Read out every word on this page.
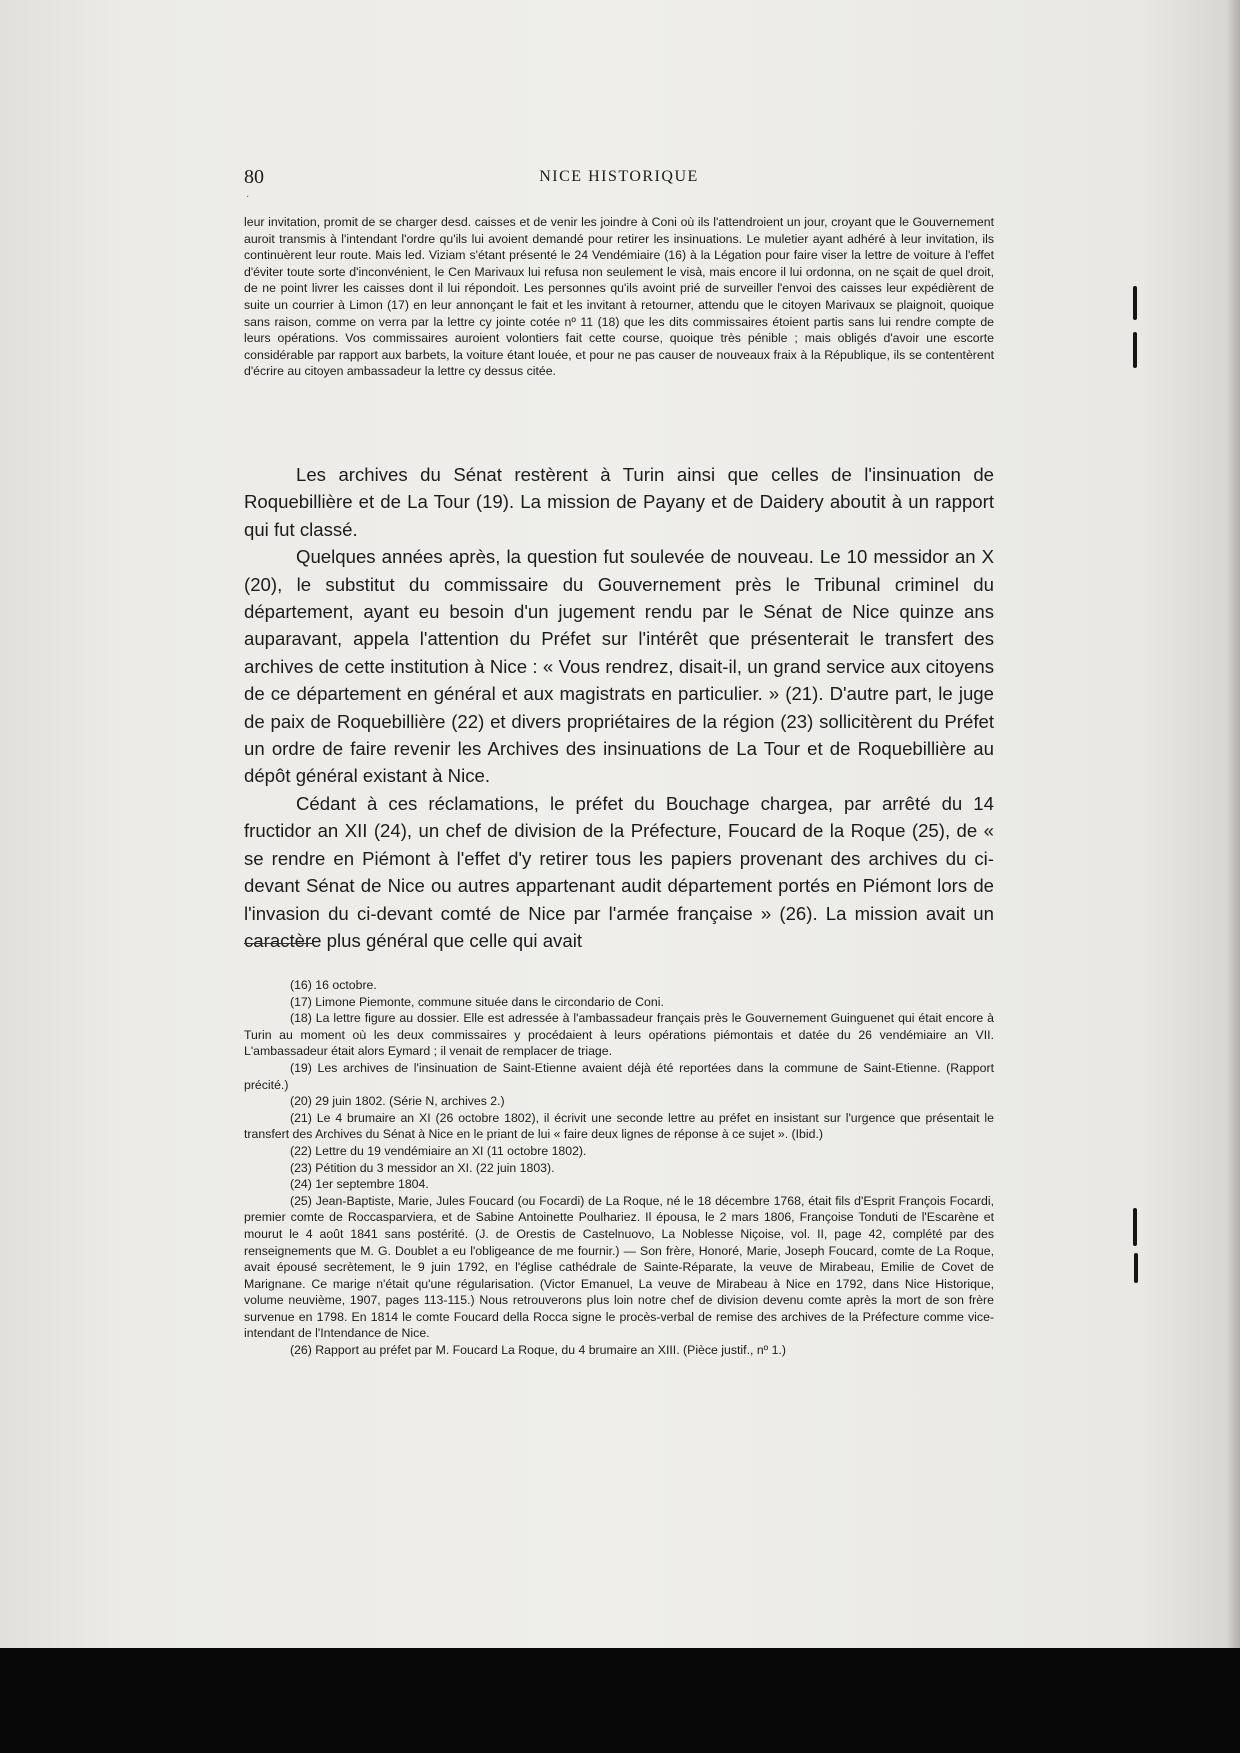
80	NICE HISTORIQUE
·

leur invitation, promit de se charger desd. caisses et de venir les joindre à Coni où ils l'attendroient un jour, croyant que le Gouvernement auroit transmis à l'intendant l'ordre qu'ils lui avoient demandé pour retirer les insinuations. Le muletier ayant adhéré à leur invitation, ils continuèrent leur route. Mais led. Viziam s'étant présenté le 24 Vendémiaire (16) à la Légation pour faire viser la lettre de voiture à l'effet d'éviter toute sorte d'inconvénient, le Cen Marivaux lui refusa non seulement le visà, mais encore il lui ordonna, on ne sçait de quel droit, de ne point livrer les caisses dont il lui répondoit. Les personnes qu'ils avoint prié de surveiller l'envoi des caisses leur expédièrent de suite un courrier à Limon (17) en leur annonçant le fait et les invitant à retourner, attendu que le citoyen Marivaux se plaignoit, quoique sans raison, comme on verra par la lettre cy jointe cotée nº 11 (18) que les dits commissaires étoient partis sans lui rendre compte de leurs opérations. Vos commissaires auroient volontiers fait cette course, quoique très pénible ; mais obligés d'avoir une escorte considérable par rapport aux barbets, la voiture étant louée, et pour ne pas causer de nouveaux fraix à la République, ils se contentèrent d'écrire au citoyen ambassadeur la lettre cy dessus citée.

Les archives du Sénat restèrent à Turin ainsi que celles de l'insinuation de Roquebillière et de La Tour (19). La mission de Payany et de Daidery aboutit à un rapport qui fut classé.

Quelques années après, la question fut soulevée de nouveau. Le 10 messidor an X (20), le substitut du commissaire du Gouvernement près le Tribunal criminel du département, ayant eu besoin d'un jugement rendu par le Sénat de Nice quinze ans auparavant, appela l'attention du Préfet sur l'intérêt que présenterait le transfert des archives de cette institution à Nice : « Vous rendrez, disait-il, un grand service aux citoyens de ce département en général et aux magistrats en particulier. » (21). D'autre part, le juge de paix de Roquebillière (22) et divers propriétaires de la région (23) sollicitèrent du Préfet un ordre de faire revenir les Archives des insinuations de La Tour et de Roquebillière au dépôt général existant à Nice.

Cédant à ces réclamations, le préfet du Bouchage chargea, par arrêté du 14 fructidor an XII (24), un chef de division de la Préfecture, Foucard de la Roque (25), de « se rendre en Piémont à l'effet d'y retirer tous les papiers provenant des archives du ci-devant Sénat de Nice ou autres appartenant audit département portés en Piémont lors de l'invasion du ci-devant comté de Nice par l'armée française » (26). La mission avait un caractère plus général que celle qui avait

(16) 16 octobre.

(17) Limone Piemonte, commune située dans le circondario de Coni.

(18) La lettre figure au dossier. Elle est adressée à l'ambassadeur français près le Gouvernement Guinguenet qui était encore à Turin au moment où les deux commissaires y procédaient à leurs opérations piémontais et datée du 26 vendémiaire an VII. L'ambassadeur était alors Eymard ; il venait de remplacer de triage.

(19) Les archives de l'insinuation de Saint-Etienne avaient déjà été reportées dans la commune de Saint-Etienne. (Rapport précité.)

(20) 29 juin 1802. (Série N, archives 2.)

(21) Le 4 brumaire an XI (26 octobre 1802), il écrivit une seconde lettre au préfet en insistant sur l'urgence que présentait le transfert des Archives du Sénat à Nice en le priant de lui « faire deux lignes de réponse à ce sujet ». (Ibid.)

(22) Lettre du 19 vendémiaire an XI (11 octobre 1802).

(23) Pétition du 3 messidor an XI. (22 juin 1803).

(24) 1er septembre 1804.

(25) Jean-Baptiste, Marie, Jules Foucard (ou Focardi) de La Roque, né le 18 décembre 1768, était fils d'Esprit François Focardi, premier comte de Roccasparviera, et de Sabine Antoinette Poulhariez. Il épousa, le 2 mars 1806, Françoise Tonduti de l'Escarène et mourut le 4 août 1841 sans postérité. (J. de Orestis de Castelnuovo, La Noblesse Niçoise, vol. II, page 42, complété par des renseignements que M. G. Doublet a eu l'obligeance de me fournir.) — Son frère, Honoré, Marie, Joseph Foucard, comte de La Roque, avait épousé secrètement, le 9 juin 1792, en l'église cathédrale de Sainte-Réparate, la veuve de Mirabeau, Emilie de Covet de Marignane. Ce marige n'était qu'une régularisation. (Victor Emanuel, La veuve de Mirabeau à Nice en 1792, dans Nice Historique, volume neuvième, 1907, pages 113-115.) Nous retrouverons plus loin notre chef de division devenu comte après la mort de son frère survenue en 1798. En 1814 le comte Foucard della Rocca signe le procès-verbal de remise des archives de la Préfecture comme vice-intendant de l'Intendance de Nice.

(26) Rapport au préfet par M. Foucard La Roque, du 4 brumaire an XIII. (Pièce justif., nº 1.)
